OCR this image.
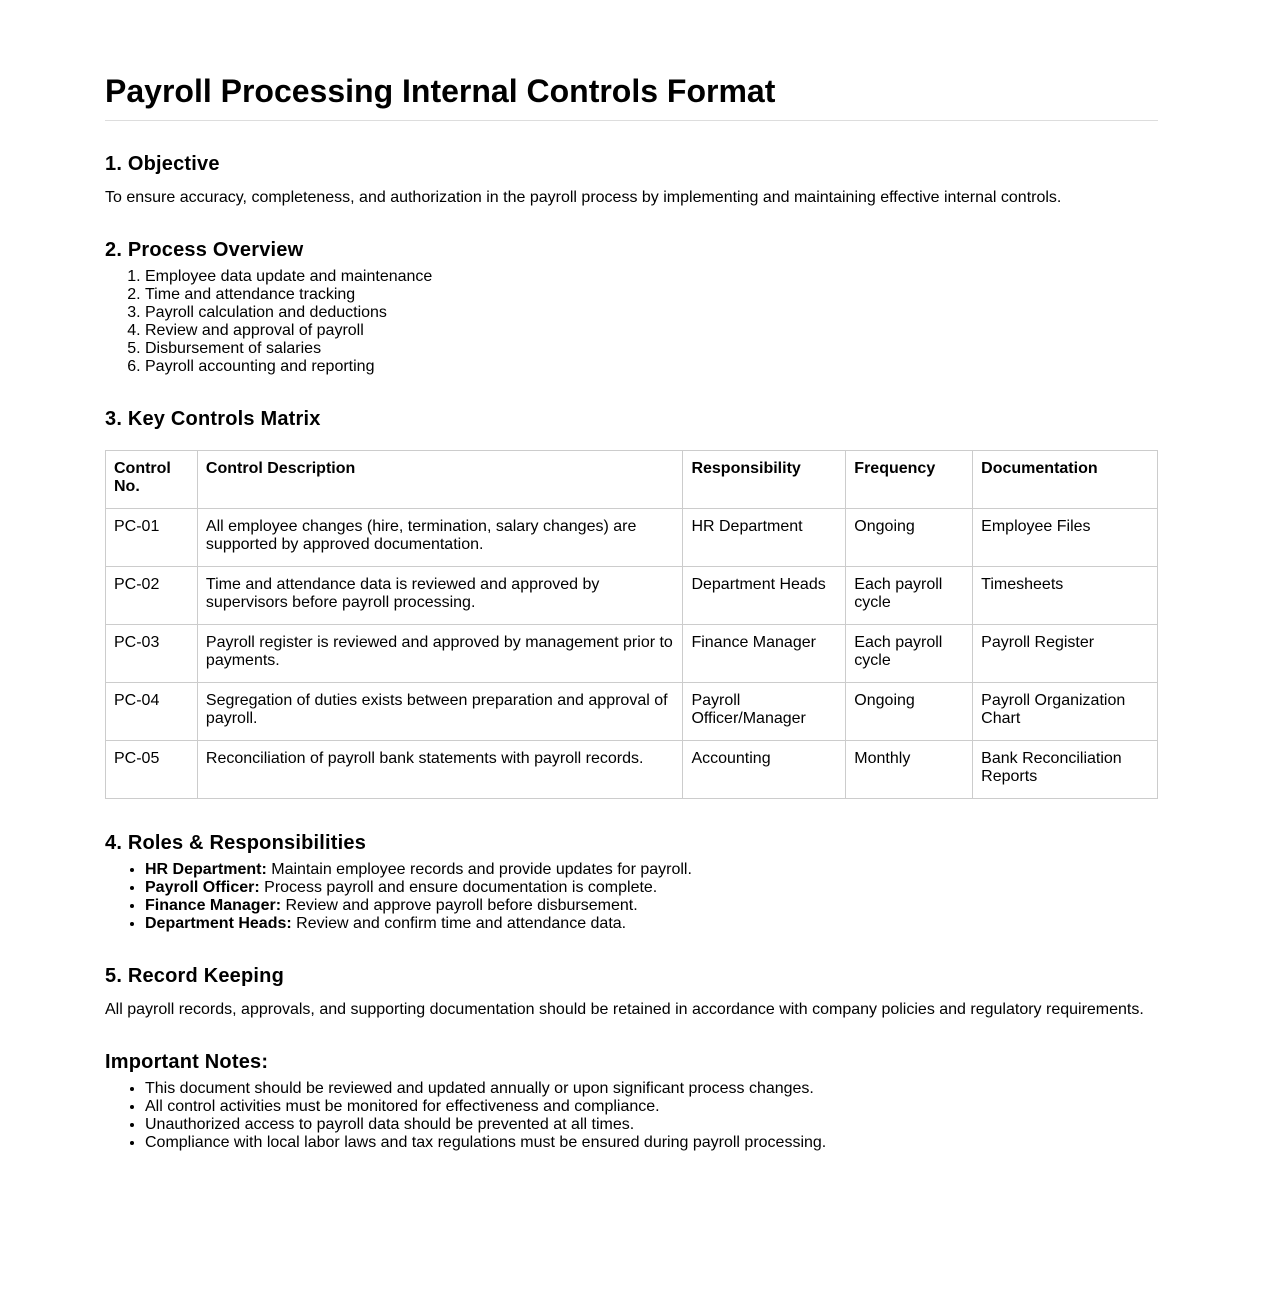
Payroll Processing Internal Controls Format
1. Objective

To ensure accuracy, completeness, and authorization in the payroll process by implementing and maintaining effective internal controls.

2. Process Overview
1. Employee data update and maintenance
2. Time and attendance tracking
3. Payroll calculation and deductions
4. Review and approval of payroll
5. Disbursement of salaries
6. Payroll accounting and reporting
3. Key Controls Matrix
Control No.	Control Description	Responsibility	Frequency	Documentation
PC-01	All employee changes (hire, termination, salary changes) are supported by approved documentation.	HR Department	Ongoing	Employee Files
PC-02	Time and attendance data is reviewed and approved by supervisors before payroll processing.	Department Heads	Each payroll cycle	Timesheets
PC-03	Payroll register is reviewed and approved by management prior to payments.	Finance Manager	Each payroll cycle	Payroll Register
PC-04	Segregation of duties exists between preparation and approval of payroll.	Payroll Officer/Manager	Ongoing	Payroll Organization Chart
PC-05	Reconciliation of payroll bank statements with payroll records.	Accounting	Monthly	Bank Reconciliation Reports
4. Roles & Responsibilities
• HR Department: Maintain employee records and provide updates for payroll.
• Payroll Officer: Process payroll and ensure documentation is complete.
• Finance Manager: Review and approve payroll before disbursement.
• Department Heads: Review and confirm time and attendance data.
5. Record Keeping

All payroll records, approvals, and supporting documentation should be retained in accordance with company policies and regulatory requirements.

Important Notes:
• This document should be reviewed and updated annually or upon significant process changes.
• All control activities must be monitored for effectiveness and compliance.
• Unauthorized access to payroll data should be prevented at all times.
• Compliance with local labor laws and tax regulations must be ensured during payroll processing.
